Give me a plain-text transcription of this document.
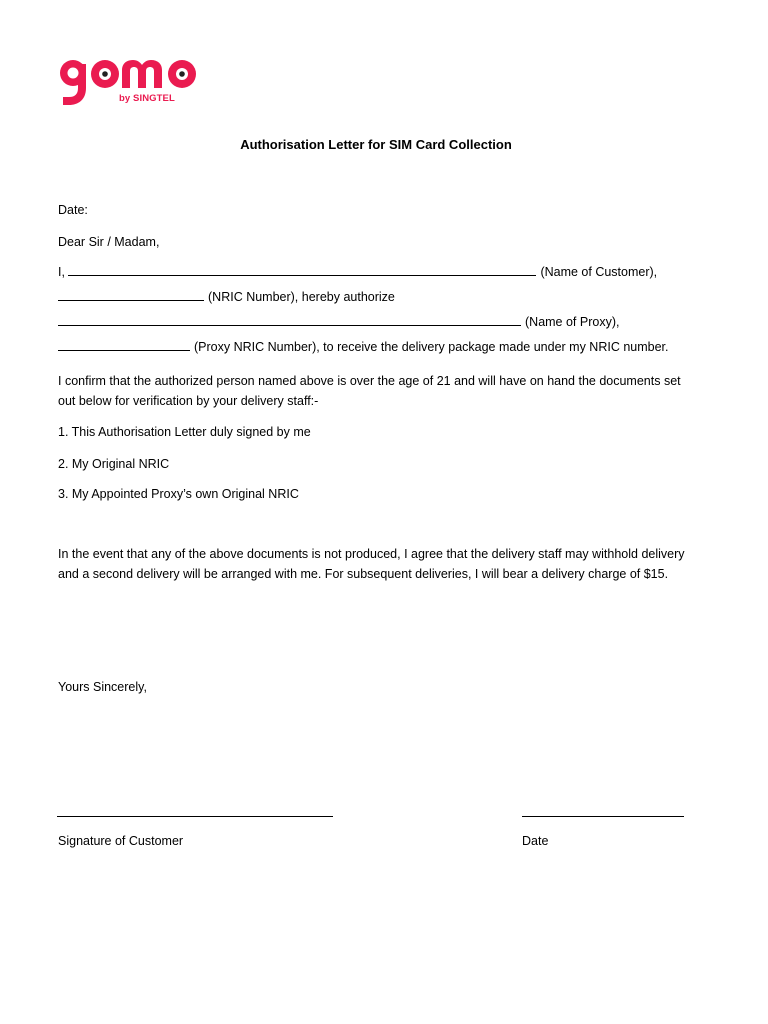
by SINGTEL
Authorisation Letter for SIM Card Collection
Date:
Dear Sir / Madam,
I,	(Name of Customer),
(NRIC Number), hereby authorize
(Name of Proxy),
(Proxy NRIC Number), to receive the delivery package made under my NRIC number.
I confirm that the authorized person named above is over the age of 21 and will have on hand the documents set out below for verification by your delivery staff:-
1. This Authorisation Letter duly signed by me
2. My Original NRIC
3. My Appointed Proxy’s own Original NRIC
In the event that any of the above documents is not produced, I agree that the delivery staff may withhold delivery and a second delivery will be arranged with me. For subsequent deliveries, I will bear a delivery charge of $15.
Yours Sincerely,
Signature of Customer	Date
